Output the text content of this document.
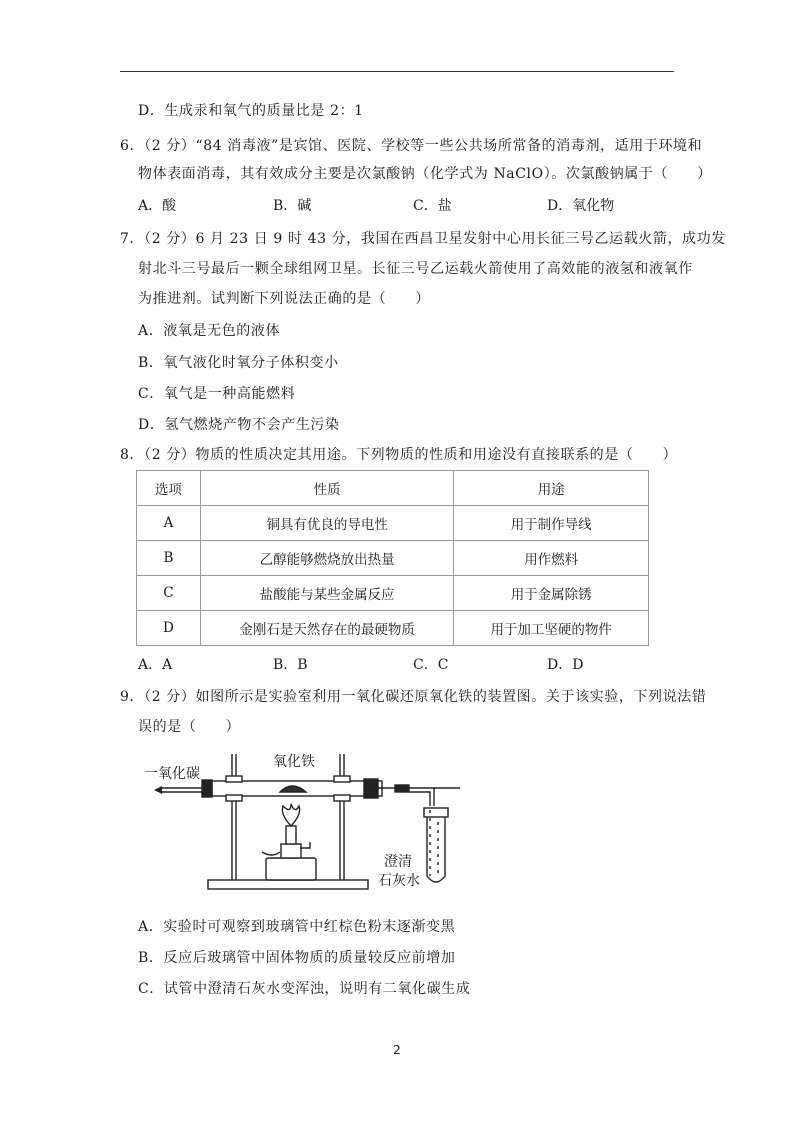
D．生成汞和氧气的质量比是 2：1
6．（2 分）“84 消毒液”是宾馆、医院、学校等一些公共场所常备的消毒剂，适用于环境和
物体表面消毒，其有效成分主要是次氯酸钠（化学式为 NaClO）。次氯酸钠属于（　　）
A．酸	B．碱	C．盐	D．氧化物
7．（2 分）6 月 23 日 9 时 43 分，我国在西昌卫星发射中心用长征三号乙运载火箭，成功发
射北斗三号最后一颗全球组网卫星。长征三号乙运载火箭使用了高效能的液氢和液氧作
为推进剂。试判断下列说法正确的是（　　）
A．液氧是无色的液体
B．氧气液化时氧分子体积变小
C．氧气是一种高能燃料
D．氢气燃烧产物不会产生污染
8．（2 分）物质的性质决定其用途。下列物质的性质和用途没有直接联系的是（　　）
选项	性质	用途
A	铜具有优良的导电性	用于制作导线
B	乙醇能够燃烧放出热量	用作燃料
C	盐酸能与某些金属反应	用于金属除锈
D	金刚石是天然存在的最硬物质	用于加工坚硬的物件
A．A	B．B	C．C	D．D
9．（2 分）如图所示是实验室利用一氧化碳还原氧化铁的装置图。关于该实验，下列说法错
误的是（　　）
一氧化碳
氧化铁
澄清
石灰水
A．实验时可观察到玻璃管中红棕色粉末逐渐变黑
B．反应后玻璃管中固体物质的质量较反应前增加
C．试管中澄清石灰水变浑浊，说明有二氧化碳生成
2
